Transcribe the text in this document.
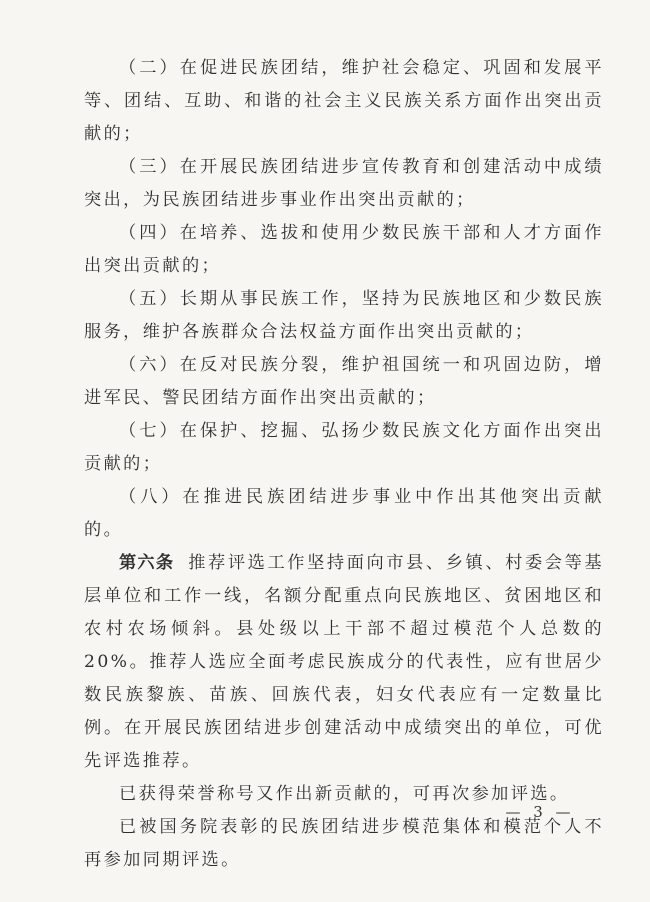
（二）在促进民族团结，维护社会稳定、巩固和发展平等、团结、互助、和谐的社会主义民族关系方面作出突出贡献的；

（三）在开展民族团结进步宣传教育和创建活动中成绩突出，为民族团结进步事业作出突出贡献的；

（四）在培养、选拔和使用少数民族干部和人才方面作出突出贡献的；

（五）长期从事民族工作，坚持为民族地区和少数民族服务，维护各族群众合法权益方面作出突出贡献的；

（六）在反对民族分裂，维护祖国统一和巩固边防，增进军民、警民团结方面作出突出贡献的；

（七）在保护、挖掘、弘扬少数民族文化方面作出突出贡献的；

（八）在推进民族团结进步事业中作出其他突出贡献的。

第六条 推荐评选工作坚持面向市县、乡镇、村委会等基层单位和工作一线，名额分配重点向民族地区、贫困地区和农村农场倾斜。县处级以上干部不超过模范个人总数的20%。推荐人选应全面考虑民族成分的代表性，应有世居少数民族黎族、苗族、回族代表，妇女代表应有一定数量比例。在开展民族团结进步创建活动中成绩突出的单位，可优先评选推荐。

已获得荣誉称号又作出新贡献的，可再次参加评选。

已被国务院表彰的民族团结进步模范集体和模范个人不再参加同期评选。

— 3 —
